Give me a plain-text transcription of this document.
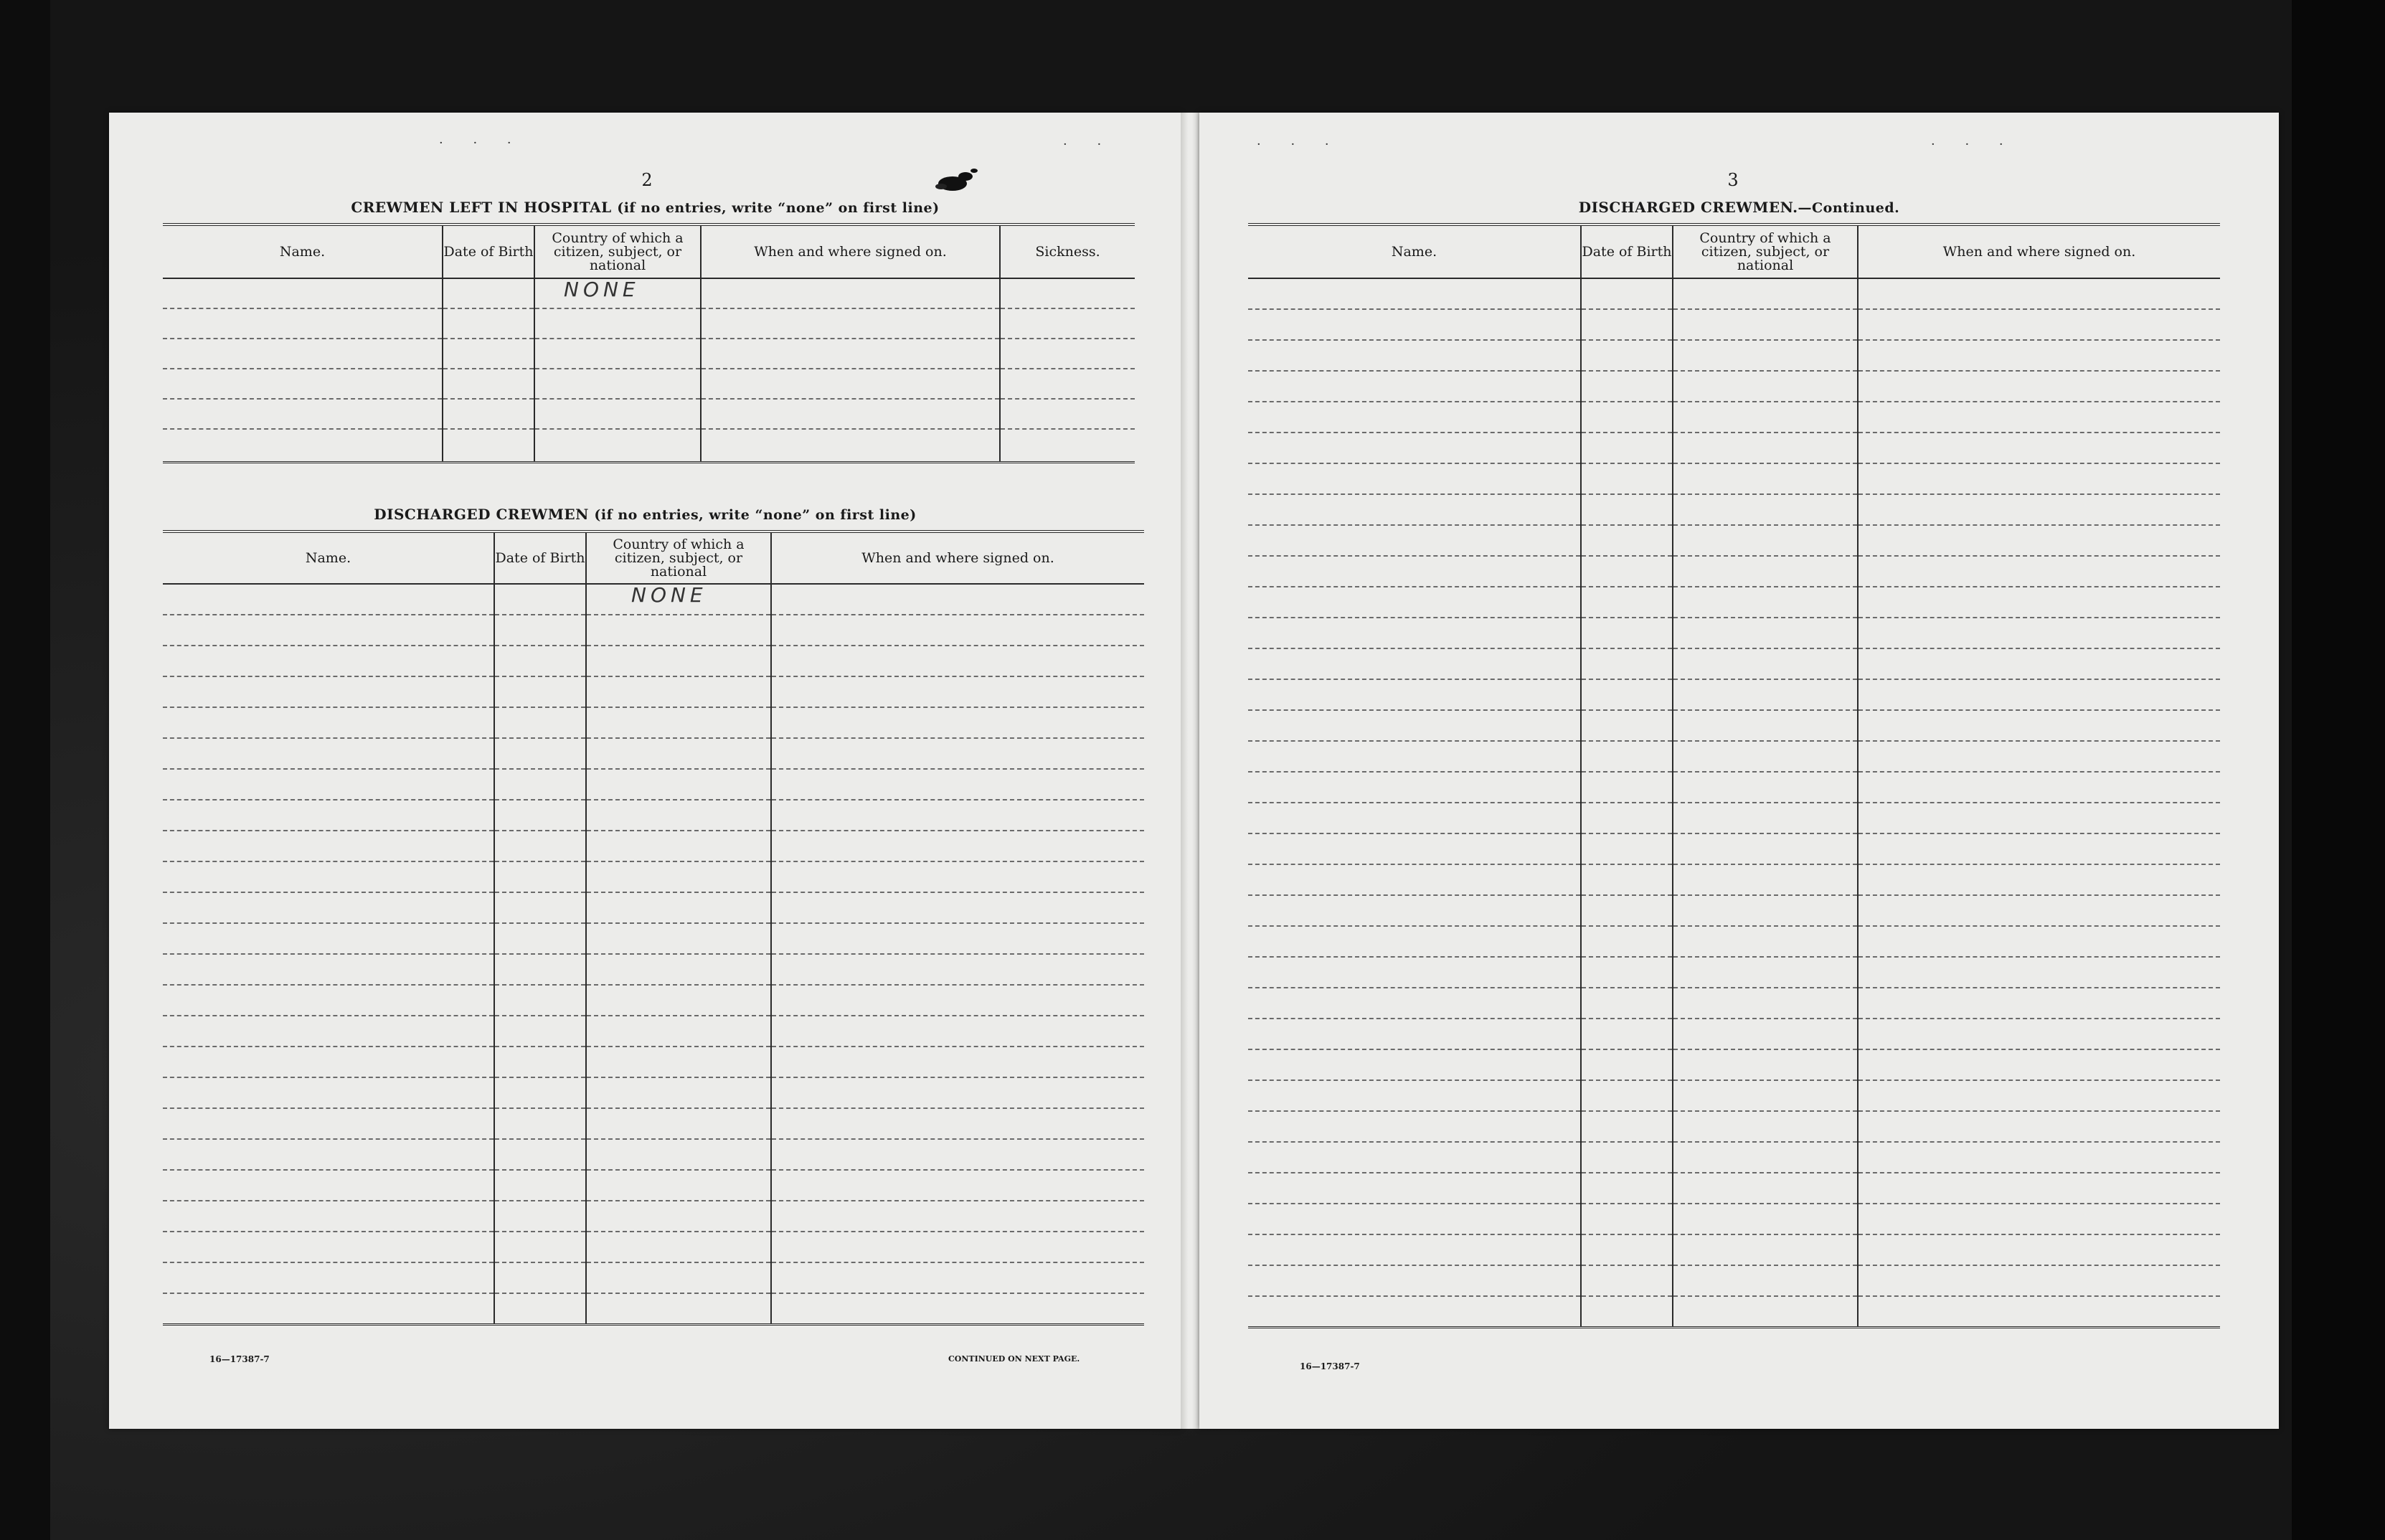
· · ·	· ·
2
CREWMEN LEFT IN HOSPITAL (if no entries, write “none” on first line)
Name.	Date of Birth	Country of which a citizen, subject, or national	When and where signed on.	Sickness.

		NONE		

DISCHARGED CREWMEN (if no entries, write “none” on first line)
Name.	Date of Birth	Country of which a citizen, subject, or national	When and where signed on.

		NONE	

16—17387-7	CONTINUED ON NEXT PAGE.
· · ·	· · ·
3
DISCHARGED CREWMEN.—Continued.
Name.	Date of Birth	Country of which a citizen, subject, or national	When and where signed on.

16—17387-7
